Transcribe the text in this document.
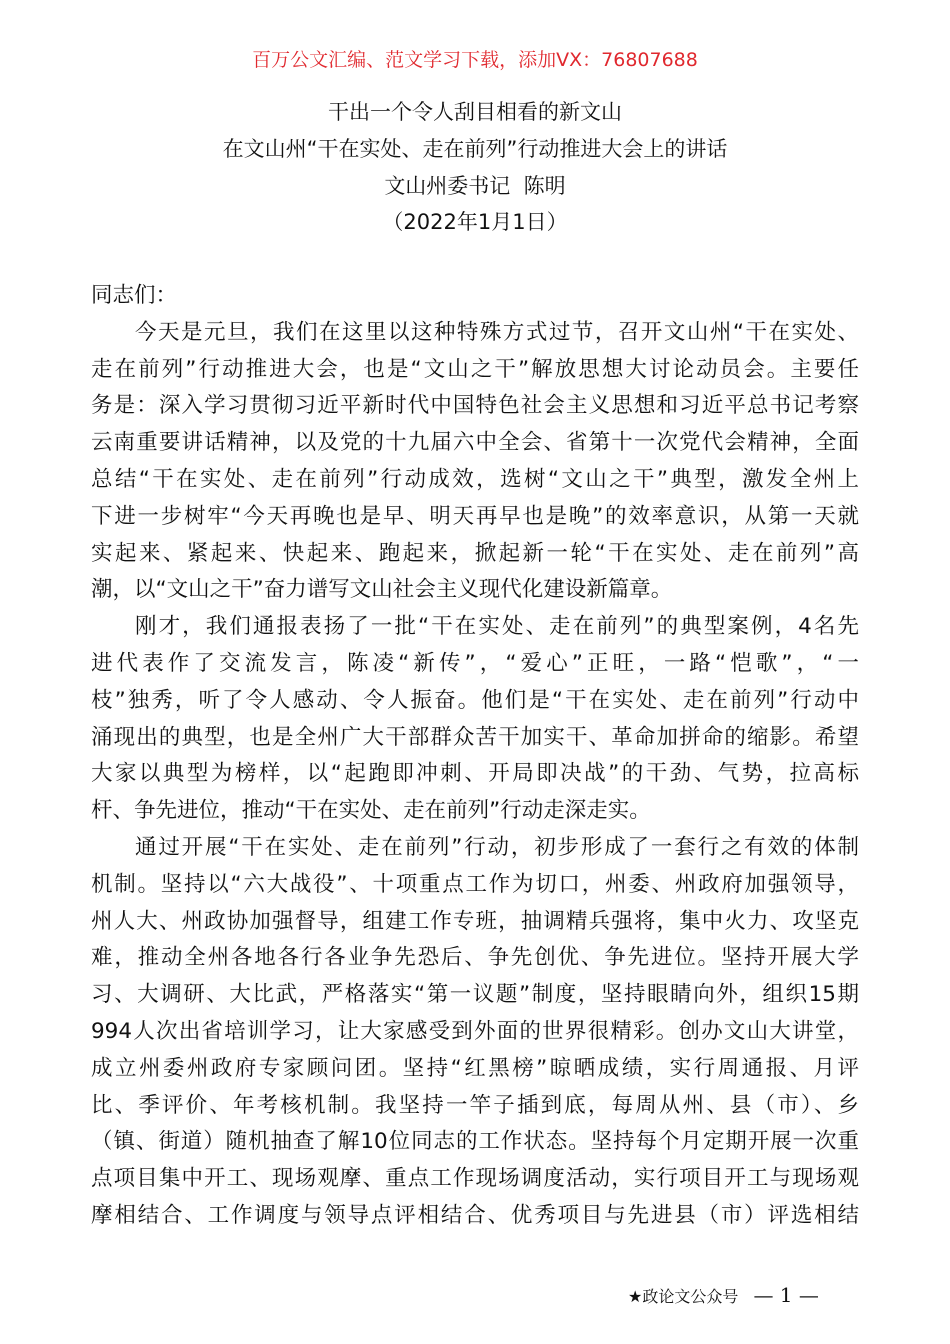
百万公文汇编、范文学习下载，添加VX：76807688
干出一个令人刮目相看的新文山
在文山州“干在实处、走在前列”行动推进大会上的讲话
文山州委书记  陈明
（2022年1月1日）
同志们：
今天是元旦，我们在这里以这种特殊方式过节，召开文山州“干在实处、
走在前列”行动推进大会，也是“文山之干”解放思想大讨论动员会。主要任
务是：深入学习贯彻习近平新时代中国特色社会主义思想和习近平总书记考察
云南重要讲话精神，以及党的十九届六中全会、省第十一次党代会精神，全面
总结“干在实处、走在前列”行动成效，选树“文山之干”典型，激发全州上
下进一步树牢“今天再晚也是早、明天再早也是晚”的效率意识，从第一天就
实起来、紧起来、快起来、跑起来，掀起新一轮“干在实处、走在前列”高
潮，以“文山之干”奋力谱写文山社会主义现代化建设新篇章。
刚才，我们通报表扬了一批“干在实处、走在前列”的典型案例，4名先
进代表作了交流发言，陈凌“新传”，“爱心”正旺，一路“恺歌”，“一
枝”独秀，听了令人感动、令人振奋。他们是“干在实处、走在前列”行动中
涌现出的典型，也是全州广大干部群众苦干加实干、革命加拼命的缩影。希望
大家以典型为榜样，以“起跑即冲刺、开局即决战”的干劲、气势，拉高标
杆、争先进位，推动“干在实处、走在前列”行动走深走实。
通过开展“干在实处、走在前列”行动，初步形成了一套行之有效的体制
机制。坚持以“六大战役”、十项重点工作为切口，州委、州政府加强领导，
州人大、州政协加强督导，组建工作专班，抽调精兵强将，集中火力、攻坚克
难，推动全州各地各行各业争先恐后、争先创优、争先进位。坚持开展大学
习、大调研、大比武，严格落实“第一议题”制度，坚持眼睛向外，组织15期
994人次出省培训学习，让大家感受到外面的世界很精彩。创办文山大讲堂，
成立州委州政府专家顾问团。坚持“红黑榜”晾晒成绩，实行周通报、月评
比、季评价、年考核机制。我坚持一竿子插到底，每周从州、县（市）、乡
（镇、街道）随机抽查了解10位同志的工作状态。坚持每个月定期开展一次重
点项目集中开工、现场观摩、重点工作现场调度活动，实行项目开工与现场观
摩相结合、工作调度与领导点评相结合、优秀项目与先进县（市）评选相结
★政论文公众号 — 1 —
